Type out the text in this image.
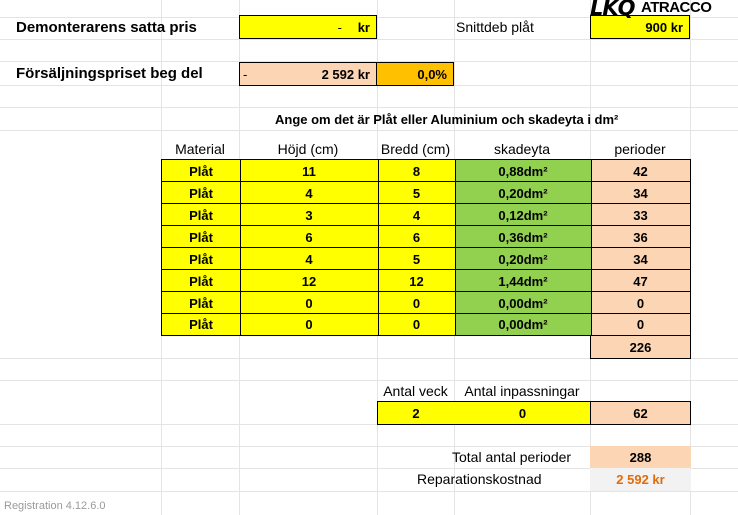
Demonterarens satta pris	- kr	Snittdeb plåt	900 kr
LKQ ATRACCO
Försäljningspriset beg del	-	2 592 kr	0,0%
Ange om det är Plåt eller Aluminium och skadeyta i dm²
Material	Höjd (cm)	Bredd (cm)	skadeyta	perioder
Plåt	11	8	0,88dm²	42
Plåt	4	5	0,20dm²	34
Plåt	3	4	0,12dm²	33
Plåt	6	6	0,36dm²	36
Plåt	4	5	0,20dm²	34
Plåt	12	12	1,44dm²	47
Plåt	0	0	0,00dm²	0
Plåt	0	0	0,00dm²	0
226
Antal veck	Antal inpassningar
2	0	62
Total antal perioder	288
Reparationskostnad	2 592 kr
Registration 4.12.6.0
